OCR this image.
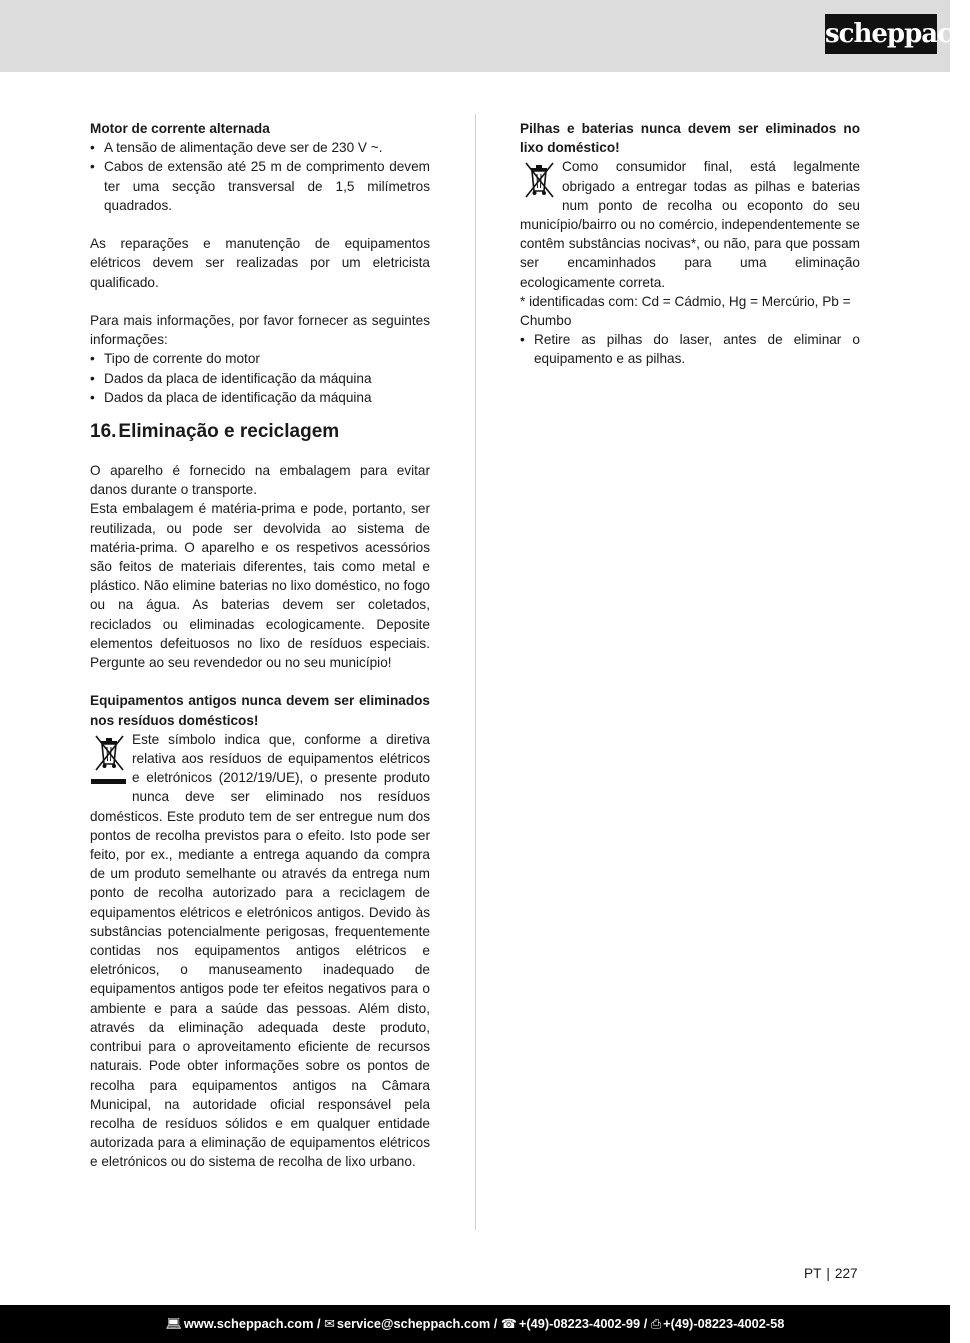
scheppach

Motor de corrente alternada

• A tensão de alimentação deve ser de 230 V ~.
• Cabos de extensão até 25 m de comprimento devem ter uma secção transversal de 1,5 milímetros quadrados.

As reparações e manutenção de equipamentos elétricos devem ser realizadas por um eletricista qualificado.

Para mais informações, por favor fornecer as seguintes informações:

• Tipo de corrente do motor
• Dados da placa de identificação da máquina
• Dados da placa de identificação da máquina
16. Eliminação e reciclagem

O aparelho é fornecido na embalagem para evitar danos durante o transporte.

Esta embalagem é matéria-prima e pode, portanto, ser reutilizada, ou pode ser devolvida ao sistema de matéria-prima. O aparelho e os respetivos acessórios são feitos de materiais diferentes, tais como metal e plástico. Não elimine baterias no lixo doméstico, no fogo ou na água. As baterias devem ser coletados, reciclados ou eliminadas ecologicamente. Deposite elementos defeituosos no lixo de resíduos especiais. Pergunte ao seu revendedor ou no seu município!

Equipamentos antigos nunca devem ser eliminados nos resíduos domésticos!

Este símbolo indica que, conforme a diretiva relativa aos resíduos de equipamentos elétricos e eletrónicos (2012/19/UE), o presente produto nunca deve ser eliminado nos resíduos domésticos. Este produto tem de ser entregue num dos pontos de recolha previstos para o efeito. Isto pode ser feito, por ex., mediante a entrega aquando da compra de um produto semelhante ou através da entrega num ponto de recolha autorizado para a reciclagem de equipamentos elétricos e eletrónicos antigos. Devido às substâncias potencialmente perigosas, frequentemente contidas nos equipamentos antigos elétricos e eletrónicos, o manuseamento inadequado de equipamentos antigos pode ter efeitos negativos para o ambiente e para a saúde das pessoas. Além disto, através da eliminação adequada deste produto, contribui para o aproveitamento eficiente de recursos naturais. Pode obter informações sobre os pontos de recolha para equipamentos antigos na Câmara Municipal, na autoridade oficial responsável pela recolha de resíduos sólidos e em qualquer entidade autorizada para a eliminação de equipamentos elétricos e eletrónicos ou do sistema de recolha de lixo urbano.

Pilhas e baterias nunca devem ser eliminados no lixo doméstico!

Como consumidor final, está legalmente obrigado a entregar todas as pilhas e baterias num ponto de recolha ou ecoponto do seu município/bairro ou no comércio, independentemente se contêm substâncias nocivas*, ou não, para que possam ser encaminhados para uma eliminação ecologicamente correta.

* identificadas com: Cd = Cádmio, Hg = Mercúrio, Pb = Chumbo

• Retire as pilhas do laser, antes de eliminar o equipamento e as pilhas.
PT | 227
💻︎ www.scheppach.com / ✉︎ service@scheppach.com / ☎ +(49)-08223-4002-99 / ⎙ +(49)-08223-4002-58
